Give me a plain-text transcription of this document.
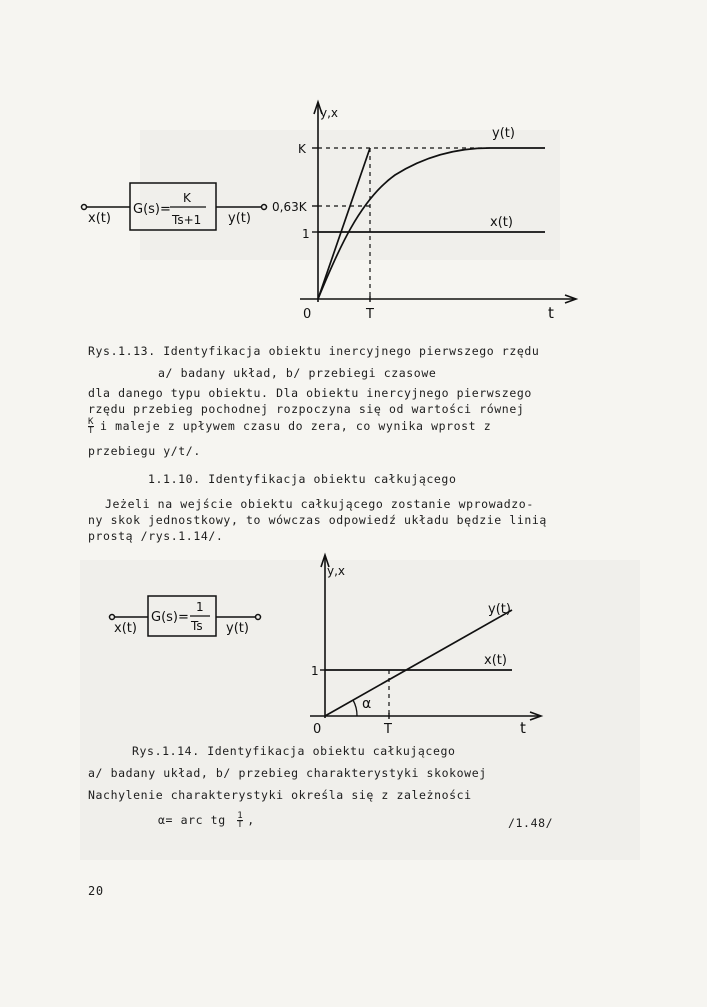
G(s)=
K
Ts+1
x(t)	y(t)
y,x
t
0	T
K
0,63K
1
y(t)
x(t)
G(s)=
1
Ts
x(t)	y(t)
y,x
t
0	T
1
α
y(t)
x(t)
Rys.1.13. Identyfikacja obiektu inercyjnego pierwszego rzędu
a/ badany układ, b/ przebiegi czasowe
dla danego typu obiektu. Dla obiektu inercyjnego pierwszego
rzędu przebieg pochodnej rozpoczyna się od wartości równej
$\frac{K}{T}$ i maleje z upływem czasu do zera, co wynika wprost z
przebiegu y/t/.
1.1.10. Identyfikacja obiektu całkującego
Jeżeli na wejście obiektu całkującego zostanie wprowadzo-
ny skok jednostkowy, to wówczas odpowiedź układu będzie linią
prostą /rys.1.14/.
Rys.1.14. Identyfikacja obiektu całkującego
a/ badany układ, b/ przebieg charakterystyki skokowej
Nachylenie charakterystyki określa się z zależności
α= arc tg $\frac{1}{T}$ ,	/1.48/
20
